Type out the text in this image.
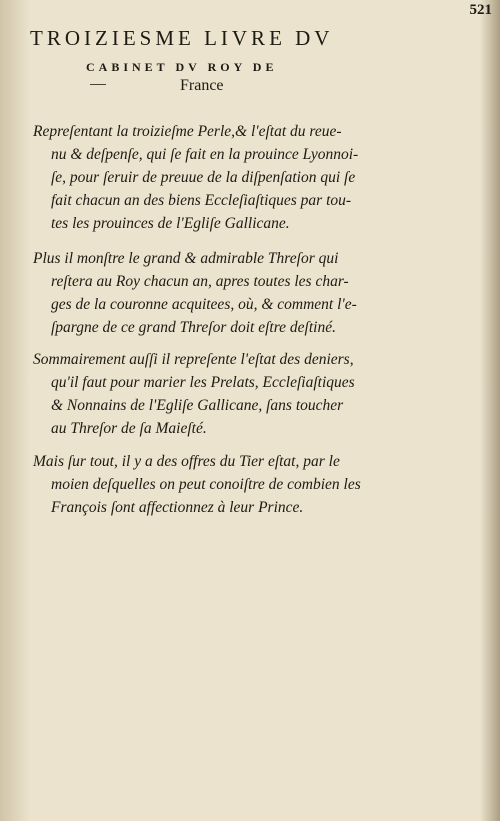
521
TROIZIESME LIVRE DV
CABINET DV ROY DE
France
Repreſentant la troizieſme Perle,& l'eſtat du reue-
nu & deſpenſe, qui ſe fait en la prouince Lyonnoi-
ſe, pour ſeruir de preuue de la diſpenſation qui ſe
fait chacun an des biens Eccleſiaſtiques par tou-
tes les prouinces de l'Egliſe Gallicane.
Plus il monſtre le grand & admirable Threſor qui
reſtera au Roy chacun an, apres toutes les char-
ges de la couronne acquitees, où, & comment l'e-
ſpargne de ce grand Threſor doit eſtre deſtiné.
Sommairement auſſi il repreſente l'eſtat des deniers,
qu'il faut pour marier les Prelats, Eccleſiaſtiques
& Nonnains de l'Egliſe Gallicane, ſans toucher
au Threſor de ſa Maieſté.
Mais ſur tout, il y a des offres du Tier eſtat, par le
moien deſquelles on peut conoiſtre de combien les
François ſont affectionnez à leur Prince.
